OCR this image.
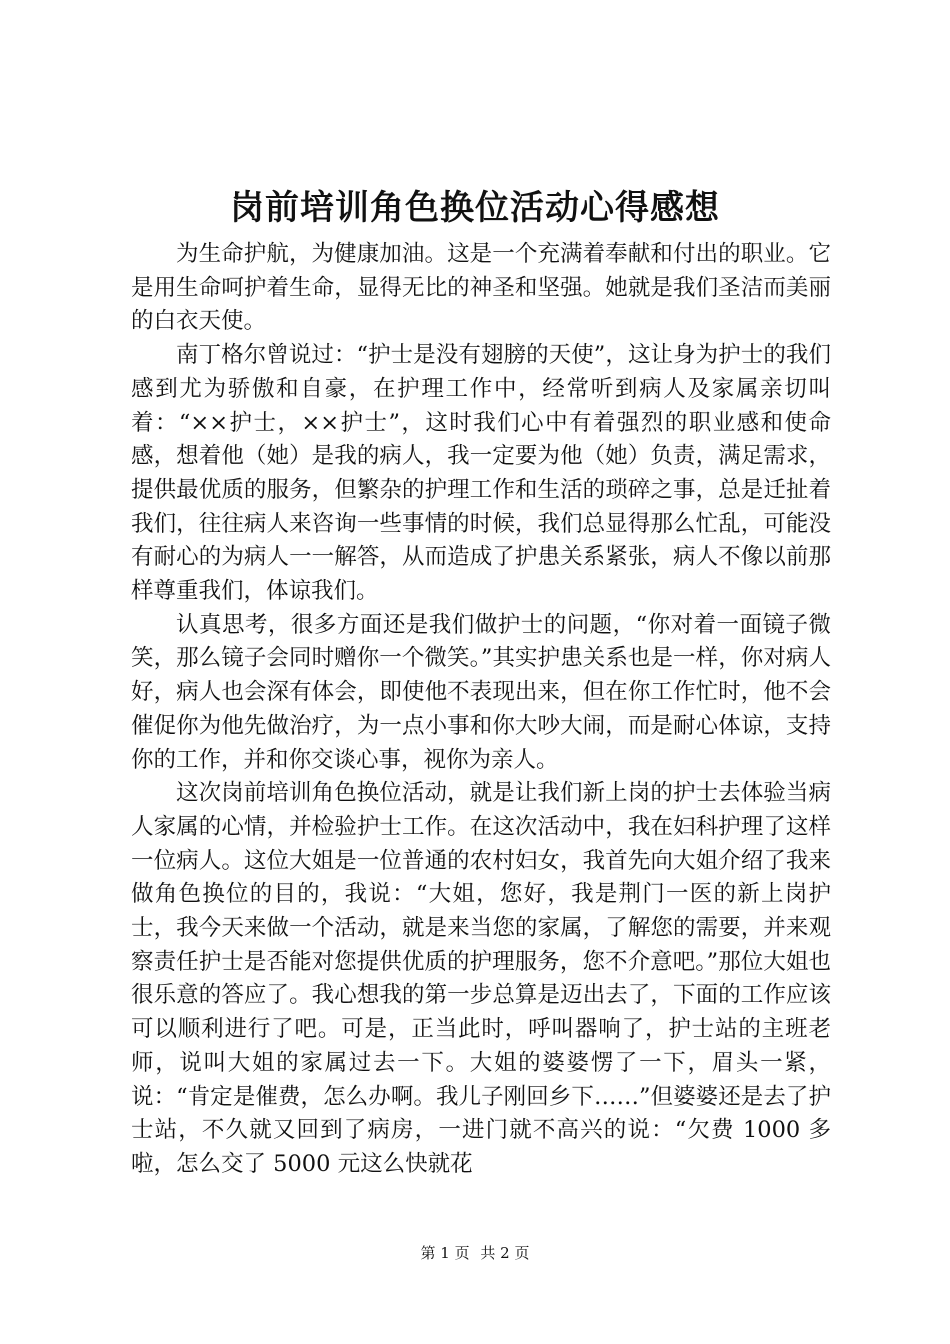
岗前培训角色换位活动心得感想

为生命护航，为健康加油。这是一个充满着奉献和付出的职业。它是用生命呵护着生命，显得无比的神圣和坚强。她就是我们圣洁而美丽的白衣天使。

南丁格尔曾说过：“护士是没有翅膀的天使”，这让身为护士的我们感到尤为骄傲和自豪，在护理工作中，经常听到病人及家属亲切叫着：“××护士，××护士”，这时我们心中有着强烈的职业感和使命感，想着他（她）是我的病人，我一定要为他（她）负责，满足需求，提供最优质的服务，但繁杂的护理工作和生活的琐碎之事，总是迁扯着我们，往往病人来咨询一些事情的时候，我们总显得那么忙乱，可能没有耐心的为病人一一解答，从而造成了护患关系紧张，病人不像以前那样尊重我们，体谅我们。

认真思考，很多方面还是我们做护士的问题，“你对着一面镜子微笑，那么镜子会同时赠你一个微笑。”其实护患关系也是一样，你对病人好，病人也会深有体会，即使他不表现出来，但在你工作忙时，他不会催促你为他先做治疗，为一点小事和你大吵大闹，而是耐心体谅，支持你的工作，并和你交谈心事，视你为亲人。

这次岗前培训角色换位活动，就是让我们新上岗的护士去体验当病人家属的心情，并检验护士工作。在这次活动中，我在妇科护理了这样一位病人。这位大姐是一位普通的农村妇女，我首先向大姐介绍了我来做角色换位的目的，我说：“大姐，您好，我是荆门一医的新上岗护士，我今天来做一个活动，就是来当您的家属，了解您的需要，并来观察责任护士是否能对您提供优质的护理服务，您不介意吧。”那位大姐也很乐意的答应了。我心想我的第一步总算是迈出去了，下面的工作应该可以顺利进行了吧。可是，正当此时，呼叫器响了，护士站的主班老师，说叫大姐的家属过去一下。大姐的婆婆愣了一下，眉头一紧，说：“肯定是催费，怎么办啊。我儿子刚回乡下……”但婆婆还是去了护士站，不久就又回到了病房，一进门就不高兴的说：“欠费 1000 多啦，怎么交了 5000 元这么快就花

第 1 页 共 2 页
